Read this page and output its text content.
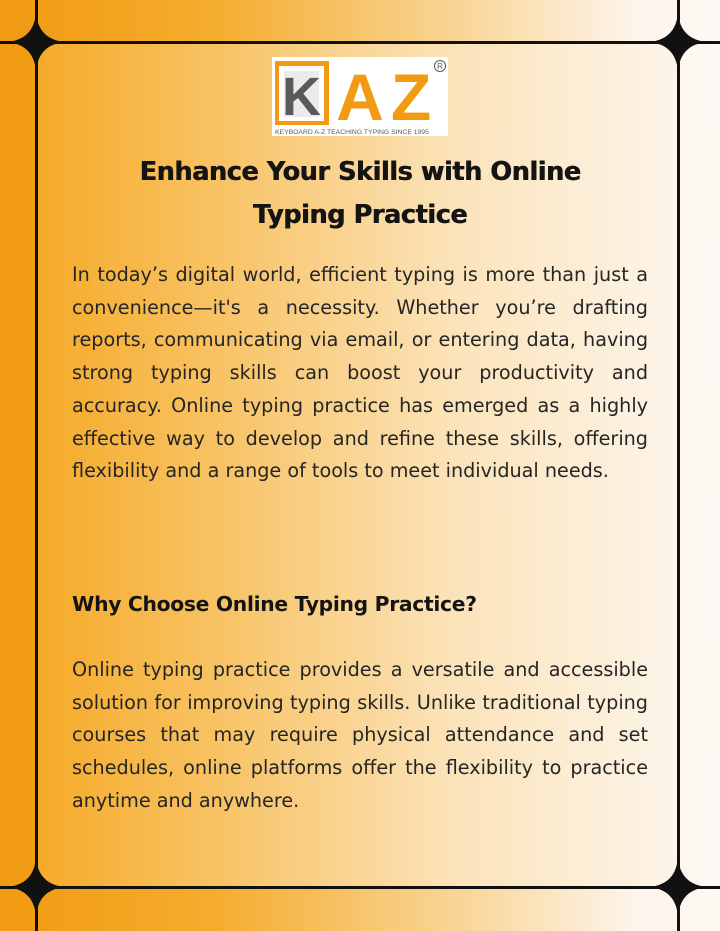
K A Z R
KEYBOARD A-Z TEACHING TYPING SINCE 1995
Enhance Your Skills with Online
Typing Practice

In today’s digital world, efficient typing is more than just a convenience—it's a necessity. Whether you’re drafting reports, communicating via email, or entering data, having strong typing skills can boost your productivity and accuracy. Online typing practice has emerged as a highly effective way to develop and refine these skills, offering flexibility and a range of tools to meet individual needs.

Why Choose Online Typing Practice?

Online typing practice provides a versatile and accessible solution for improving typing skills. Unlike traditional typing courses that may require physical attendance and set schedules, online platforms offer the flexibility to practice anytime and anywhere.
